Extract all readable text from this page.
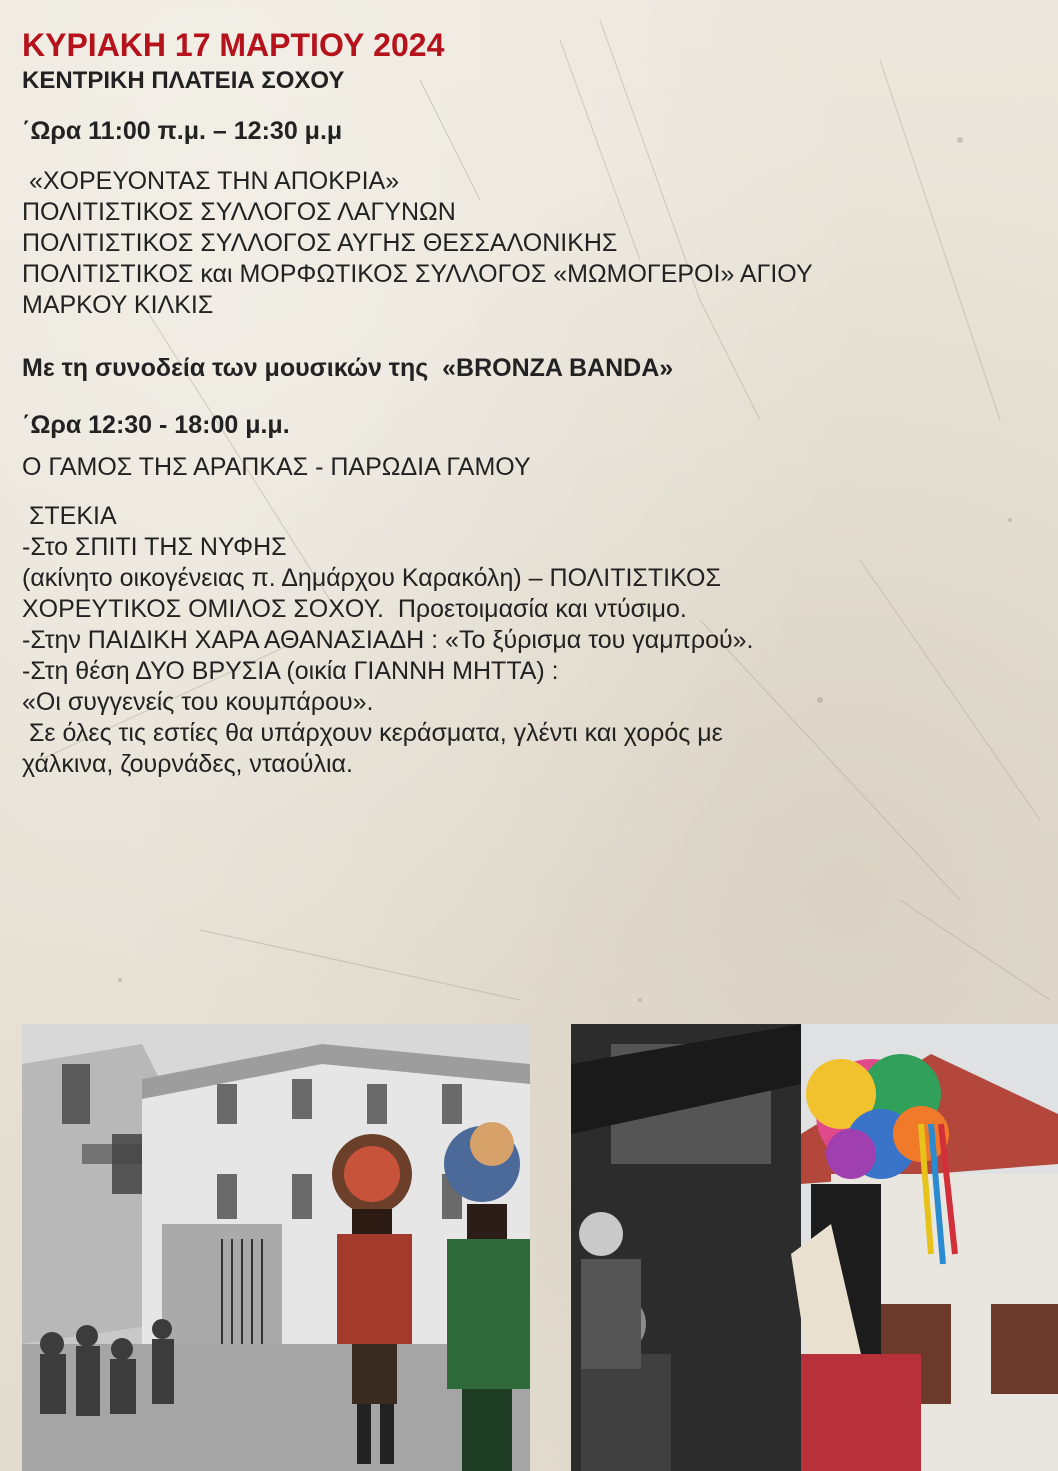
ΚΥΡΙΑΚΗ 17 ΜΑΡΤΙΟΥ 2024
ΚΕΝΤΡΙΚΗ ΠΛΑΤΕΙΑ ΣΟΧΟΥ
΄Ωρα 11:00 π.μ. – 12:30 μ.μ
«ΧΟΡΕΥΟΝΤΑΣ ΤΗΝ ΑΠΟΚΡΙΑ»
ΠΟΛΙΤΙΣΤΙΚΟΣ ΣΥΛΛΟΓΟΣ ΛΑΓΥΝΩΝ
ΠΟΛΙΤΙΣΤΙΚΟΣ ΣΥΛΛΟΓΟΣ ΑΥΓΗΣ ΘΕΣΣΑΛΟΝΙΚΗΣ
ΠΟΛΙΤΙΣΤΙΚΟΣ και ΜΟΡΦΩΤΙΚΟΣ ΣΥΛΛΟΓΟΣ «ΜΩΜΟΓΕΡΟΙ» ΑΓΙΟΥ
ΜΑΡΚΟΥ ΚΙΛΚΙΣ
Με τη συνοδεία των μουσικών της  «BRONZA BANDA»
΄Ωρα 12:30 - 18:00 μ.μ.
Ο ΓΑΜΟΣ ΤΗΣ ΑΡΑΠΚΑΣ - ΠΑΡΩΔΙΑ ΓΑΜΟΥ
ΣΤΕΚΙΑ
-Στο ΣΠΙΤΙ ΤΗΣ ΝΥΦΗΣ
(ακίνητο οικογένειας π. Δημάρχου Καρακόλη) – ΠΟΛΙΤΙΣΤΙΚΟΣ
ΧΟΡΕΥΤΙΚΟΣ ΟΜΙΛΟΣ ΣΟΧΟΥ.  Προετοιμασία και ντύσιμο.
-Στην ΠΑΙΔΙΚΗ ΧΑΡΑ ΑΘΑΝΑΣΙΑΔΗ : «Το ξύρισμα του γαμπρού».
-Στη θέση ΔΥΟ ΒΡΥΣΙΑ (οικία ΓΙΑΝΝΗ ΜΗΤΤΑ) :
«Οι συγγενείς του κουμπάρου».
Σε όλες τις εστίες θα υπάρχουν κεράσματα, γλέντι και χορός με
χάλκινα, ζουρνάδες, νταούλια.
